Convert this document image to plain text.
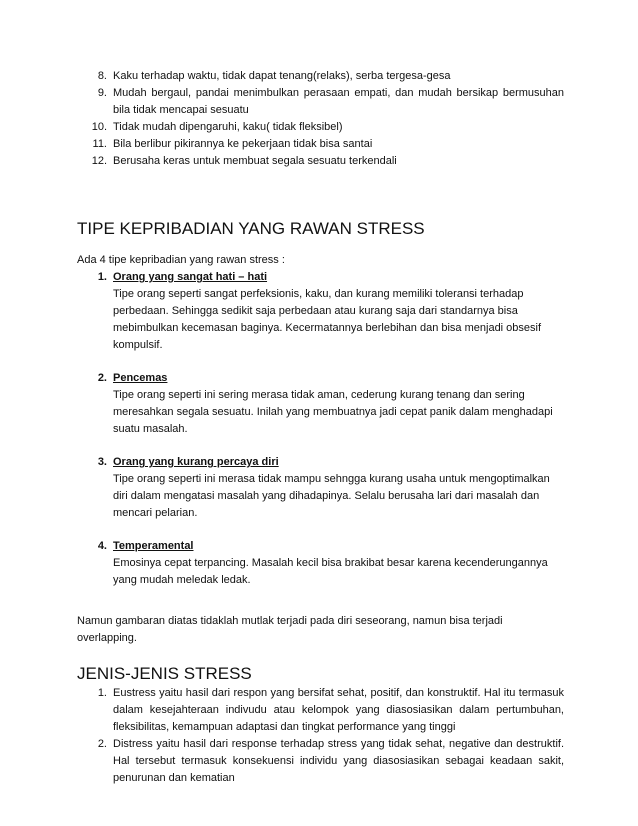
8. Kaku terhadap waktu, tidak dapat tenang(relaks), serba tergesa-gesa
9. Mudah bergaul, pandai menimbulkan perasaan empati, dan mudah bersikap bermusuhan bila tidak mencapai sesuatu
10. Tidak mudah dipengaruhi, kaku( tidak fleksibel)
11. Bila berlibur pikirannya ke pekerjaan tidak bisa santai
12. Berusaha keras untuk membuat segala sesuatu terkendali
TIPE KEPRIBADIAN YANG RAWAN STRESS
Ada 4 tipe kepribadian yang rawan stress :
1. Orang yang sangat hati – hati
Tipe orang seperti sangat perfeksionis, kaku, dan kurang memiliki toleransi terhadap perbedaan. Sehingga sedikit saja perbedaan atau kurang saja dari standarnya bisa mebimbulkan kecemasan baginya. Kecermatannya berlebihan dan bisa menjadi obsesif kompulsif.
2. Pencemas
Tipe orang seperti ini sering merasa tidak aman, cederung kurang tenang dan sering meresahkan segala sesuatu. Inilah yang membuatnya jadi cepat panik dalam menghadapi suatu masalah.
3. Orang yang kurang percaya diri
Tipe orang seperti ini merasa tidak mampu sehngga kurang usaha untuk mengoptimalkan diri dalam mengatasi masalah yang dihadapinya. Selalu berusaha lari dari masalah dan mencari pelarian.
4. Temperamental
Emosinya cepat terpancing. Masalah kecil bisa brakibat besar karena kecenderungannya yang mudah meledak ledak.
Namun gambaran diatas tidaklah mutlak terjadi pada diri seseorang, namun bisa terjadi overlapping.
JENIS-JENIS STRESS
1. Eustress yaitu hasil dari respon yang bersifat sehat, positif, dan konstruktif. Hal itu termasuk dalam kesejahteraan indivudu atau kelompok yang diasosiasikan dalam pertumbuhan, fleksibilitas, kemampuan adaptasi dan tingkat performance yang tinggi
2. Distress yaitu hasil dari response terhadap stress yang tidak sehat, negative dan destruktif. Hal tersebut termasuk konsekuensi individu yang diasosiasikan sebagai keadaan sakit, penurunan dan kematian
